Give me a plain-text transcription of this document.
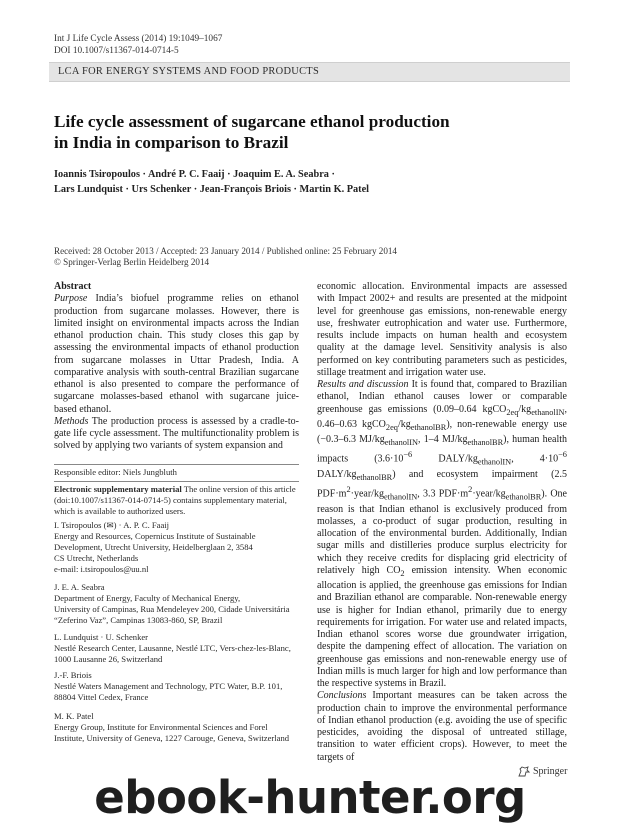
Int J Life Cycle Assess (2014) 19:1049–1067
DOI 10.1007/s11367-014-0714-5
LCA FOR ENERGY SYSTEMS AND FOOD PRODUCTS
Life cycle assessment of sugarcane ethanol production
in India in comparison to Brazil
Ioannis Tsiropoulos · André P. C. Faaij · Joaquim E. A. Seabra ·
Lars Lundquist · Urs Schenker · Jean-François Briois · Martin K. Patel
Received: 28 October 2013 / Accepted: 23 January 2014 / Published online: 25 February 2014
© Springer-Verlag Berlin Heidelberg 2014

Abstract

Purpose India’s biofuel programme relies on ethanol production from sugarcane molasses. However, there is limited insight on environmental impacts across the Indian ethanol production chain. This study closes this gap by assessing the environmental impacts of ethanol production from sugarcane molasses in Uttar Pradesh, India. A comparative analysis with south-central Brazilian sugarcane ethanol is also presented to compare the performance of sugarcane molasses-based ethanol with sugarcane juice-based ethanol.

Methods The production process is assessed by a cradle-to-gate life cycle assessment. The multifunctionality problem is solved by applying two variants of system expansion and

economic allocation. Environmental impacts are assessed with Impact 2002+ and results are presented at the midpoint level for greenhouse gas emissions, non-renewable energy use, freshwater eutrophication and water use. Furthermore, results include impacts on human health and ecosystem quality at the damage level. Sensitivity analysis is also performed on key contributing parameters such as pesticides, stillage treatment and irrigation water use.

Results and discussion It is found that, compared to Brazilian ethanol, Indian ethanol causes lower or comparable greenhouse gas emissions (0.09–0.64 $kgCO_{2eq}/kg_{ethanolIN}$, 0.46–0.63 $kgCO_{2eq}/kg_{ethanolBR}$), non-renewable energy use (−0.3–6.3 $MJ/kg_{ethanolIN}$, 1–4 $MJ/kg_{ethanolBR}$), human health impacts ($3.6\cdot 10^{-6}$ DALY/$kg_{ethanolIN}$, $4\cdot 10^{-6}$ DALY/$kg_{ethanolBR}$) and ecosystem impairment (2.5 $PDF\cdot m^2\cdot year/kg_{ethanolIN}$, 3.3 $PDF\cdot m^2\cdot year/kg_{ethanolBR}$). One reason is that Indian ethanol is exclusively produced from molasses, a co-product of sugar production, resulting in allocation of the environmental burden. Additionally, Indian sugar mills and distilleries produce surplus electricity for which they receive credits for displacing grid electricity of relatively high $CO_2$ emission intensity. When economic allocation is applied, the greenhouse gas emissions for Indian and Brazilian ethanol are comparable. Non-renewable energy use is higher for Indian ethanol, primarily due to energy requirements for irrigation. For water use and related impacts, Indian ethanol scores worse due groundwater irrigation, despite the dampening effect of allocation. The variation on greenhouse gas emissions and non-renewable energy use of Indian mills is much larger for high and low performance than the respective systems in Brazil.

Conclusions Important measures can be taken across the production chain to improve the environmental performance of Indian ethanol production (e.g. avoiding the use of specific pesticides, avoiding the disposal of untreated stillage, transition to water efficient crops). However, to meet the targets of

Responsible editor: Niels Jungbluth
Electronic supplementary material The online version of this article (doi:10.1007/s11367-014-0714-5) contains supplementary material, which is available to authorized users.
I. Tsiropoulos (✉) · A. P. C. Faaij
Energy and Resources, Copernicus Institute of Sustainable
Development, Utrecht University, Heidelberglaan 2, 3584
CS Utrecht, Netherlands
e-mail: i.tsiropoulos@uu.nl
J. E. A. Seabra
Department of Energy, Faculty of Mechanical Energy,
University of Campinas, Rua Mendeleyev 200, Cidade Universitária
“Zeferino Vaz”, Campinas 13083-860, SP, Brazil
L. Lundquist · U. Schenker
Nestlé Research Center, Lausanne, Nestlé LTC, Vers-chez-les-Blanc,
1000 Lausanne 26, Switzerland
J.-F. Briois
Nestlé Waters Management and Technology, PTC Water, B.P. 101,
88804 Vittel Cedex, France
M. K. Patel
Energy Group, Institute for Environmental Sciences and Forel
Institute, University of Geneva, 1227 Carouge, Geneva, Switzerland
Springer
ebook-hunter.org
